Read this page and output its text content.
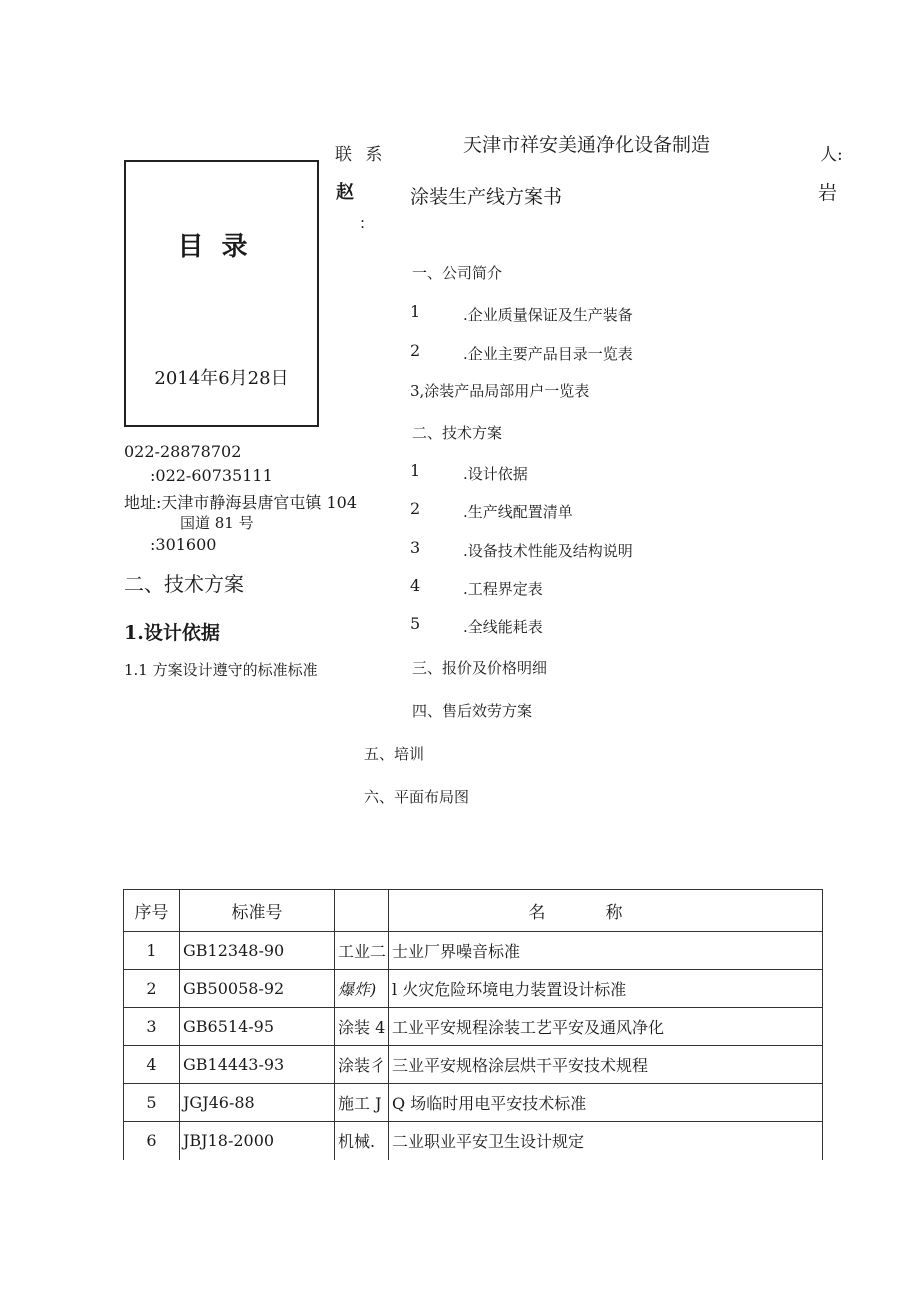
联 系	天津市祥安美通净化设备制造	人:
赵
:
涂装生产线方案书	岩
目录
2014年6月28日
022-28878702
:022-60735111
地址:天津市静海县唐官屯镇 104
国道 81 号
:301600
二、技术方案
1.设计依据
1.1 方案设计遵守的标准标准
一、公司简介
1	.企业质量保证及生产装备
2	.企业主要产品目录一览表
3,涂装产品局部用户一览表
二、技术方案
1	.设计依据
2	.生产线配置清单
3	.设备技术性能及结构说明
4	.工程界定表
5	.全线能耗表
三、报价及价格明细
四、售后效劳方案
五、培训
六、平面布局图
序号	标准号		名称
1	GB12348-90	工业二	士业厂界噪音标准
2	GB50058-92	爆炸)	l 火灾危险环境电力装置设计标准
3	GB6514-95	涂装 4	工业平安规程涂装工艺平安及通风净化
4	GB14443-93	涂装彳	三业平安规格涂层烘干平安技术规程
5	JGJ46-88	施工 J	Q 场临时用电平安技术标准
6	JBJ18-2000	机械.	二业职业平安卫生设计规定
